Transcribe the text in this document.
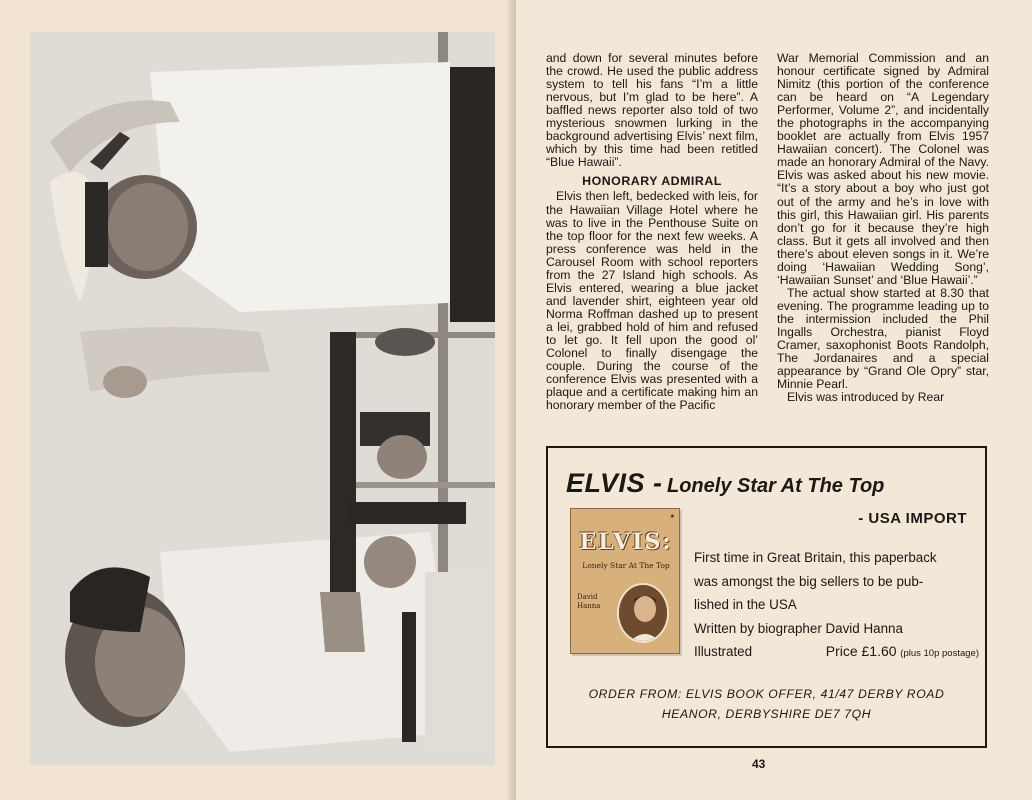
and down for several minutes before the crowd. He used the public address system to tell his fans “I’m a little nervous, but I’m glad to be here”. A baffled news reporter also told of two mysterious snowmen lurking in the background advertising Elvis’ next film, which by this time had been retitled “Blue Hawaii”.

HONORARY ADMIRAL

Elvis then left, bedecked with leis, for the Hawaiian Village Hotel where he was to live in the Penthouse Suite on the top floor for the next few weeks. A press conference was held in the Carousel Room with school reporters from the 27 Island high schools. As Elvis entered, wearing a blue jacket and lavender shirt, eighteen year old Norma Roffman dashed up to present a lei, grabbed hold of him and refused to let go. It fell upon the good ol’ Colonel to finally disengage the couple. During the course of the conference Elvis was presented with a plaque and a certificate making him an honorary member of the Pacific

War Memorial Commission and an honour certificate signed by Admiral Nimitz (this portion of the conference can be heard on “A Legendary Performer, Volume 2”, and incidentally the photographs in the accompanying booklet are actually from Elvis 1957 Hawaiian concert). The Colonel was made an honorary Admiral of the Navy. Elvis was asked about his new movie. “It’s a story about a boy who just got out of the army and he’s in love with this girl, this Hawaiian girl. His parents don’t go for it because they’re high class. But it gets all involved and then there’s about eleven songs in it. We’re doing ‘Hawaiian Wedding Song’, ‘Hawaiian Sunset’ and ‘Blue Hawaii’.”

The actual show started at 8.30 that evening. The programme leading up to the intermission included the Phil Ingalls Orchestra, pianist Floyd Cramer, saxophonist Boots Randolph, The Jordanaires and a special appearance by “Grand Ole Opry” star, Minnie Pearl.

Elvis was introduced by Rear

ELVIS - Lonely Star At The Top
- USA IMPORT
★
ELVIS:
Lonely Star At The Top
David Hanna
First time in Great Britain, this paperback
was amongst the big sellers to be pub-
lished in the USA
Written by biographer David Hanna
Illustrated	Price £1.60 (plus 10p postage)
ORDER FROM: ELVIS BOOK OFFER, 41/47 DERBY ROAD
HEANOR, DERBYSHIRE DE7 7QH
43
